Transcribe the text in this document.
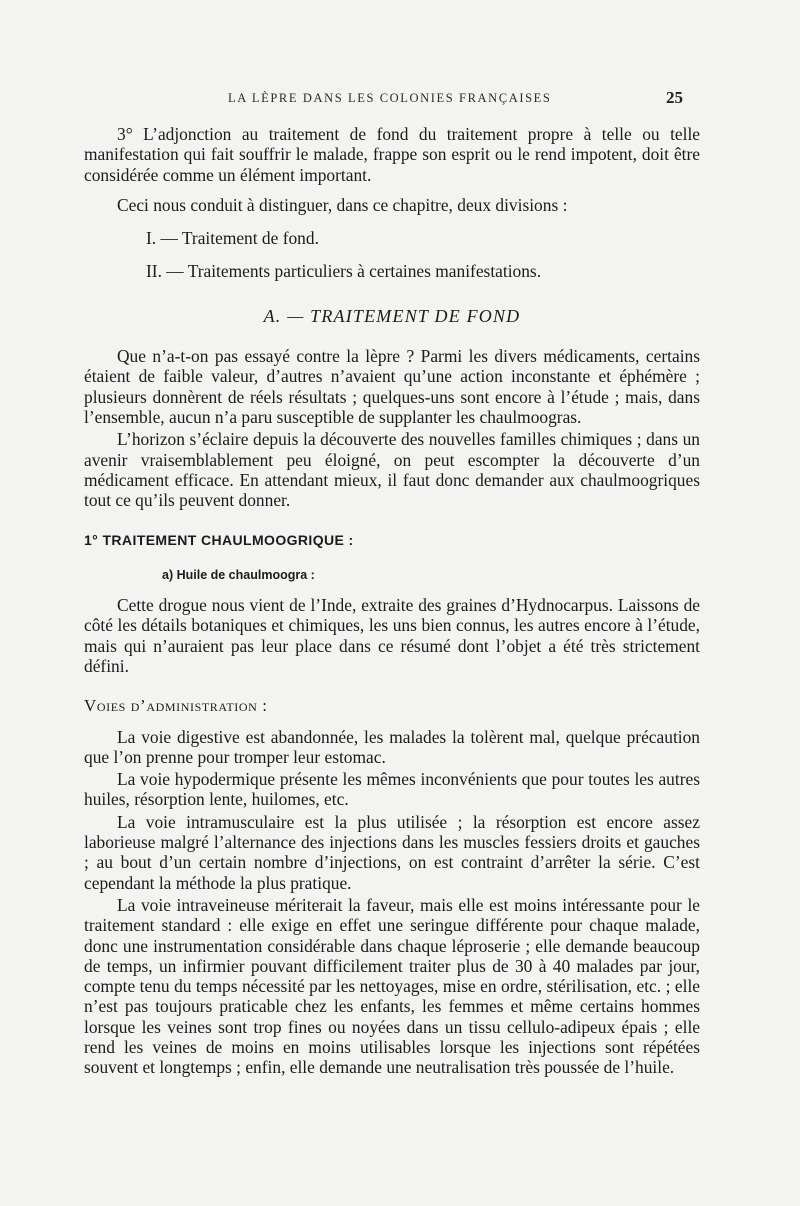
LA LÈPRE DANS LES COLONIES FRANÇAISES	25

3° L’adjonction au traitement de fond du traitement propre à telle ou telle manifestation qui fait souffrir le malade, frappe son esprit ou le rend impotent, doit être considérée comme un élément important.

Ceci nous conduit à distinguer, dans ce chapitre, deux divisions :

I. — Traitement de fond.

II. — Traitements particuliers à certaines manifestations.

A. — TRAITEMENT DE FOND

Que n’a-t-on pas essayé contre la lèpre ? Parmi les divers médicaments, certains étaient de faible valeur, d’autres n’avaient qu’une action inconstante et éphémère ; plusieurs donnèrent de réels résultats ; quelques-uns sont encore à l’étude ; mais, dans l’ensemble, aucun n’a paru susceptible de supplanter les chaulmoogras.

L’horizon s’éclaire depuis la découverte des nouvelles familles chimiques ; dans un avenir vraisemblablement peu éloigné, on peut escompter la découverte d’un médicament efficace. En attendant mieux, il faut donc demander aux chaulmoogriques tout ce qu’ils peuvent donner.

1° TRAITEMENT CHAULMOOGRIQUE :

a) Huile de chaulmoogra :

Cette drogue nous vient de l’Inde, extraite des graines d’Hydnocarpus. Laissons de côté les détails botaniques et chimiques, les uns bien connus, les autres encore à l’étude, mais qui n’auraient pas leur place dans ce résumé dont l’objet a été très strictement défini.

Voies d’administration :

La voie digestive est abandonnée, les malades la tolèrent mal, quelque précaution que l’on prenne pour tromper leur estomac.

La voie hypodermique présente les mêmes inconvénients que pour toutes les autres huiles, résorption lente, huilomes, etc.

La voie intramusculaire est la plus utilisée ; la résorption est encore assez laborieuse malgré l’alternance des injections dans les muscles fessiers droits et gauches ; au bout d’un certain nombre d’injections, on est contraint d’arrêter la série. C’est cependant la méthode la plus pratique.

La voie intraveineuse mériterait la faveur, mais elle est moins intéressante pour le traitement standard : elle exige en effet une seringue différente pour chaque malade, donc une instrumentation considérable dans chaque léproserie ; elle demande beaucoup de temps, un infirmier pouvant difficilement traiter plus de 30 à 40 malades par jour, compte tenu du temps nécessité par les nettoyages, mise en ordre, stérilisation, etc. ; elle n’est pas toujours praticable chez les enfants, les femmes et même certains hommes lorsque les veines sont trop fines ou noyées dans un tissu cellulo-adipeux épais ; elle rend les veines de moins en moins utilisables lorsque les injections sont répétées souvent et longtemps ; enfin, elle demande une neutralisation très poussée de l’huile.
